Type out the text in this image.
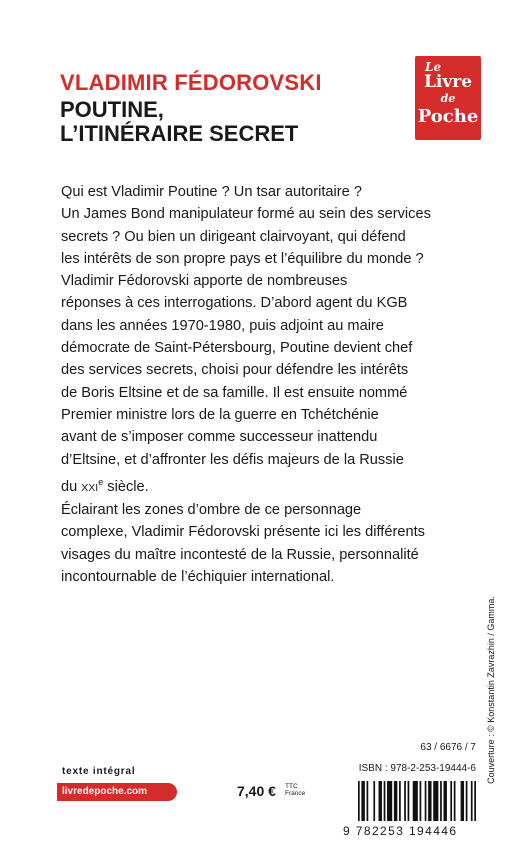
VLADIMIR FÉDOROVSKI
POUTINE,
L’ITINÉRAIRE SECRET
Le
Livre
de
Poche

Qui est Vladimir Poutine ? Un tsar autoritaire ?
Un James Bond manipulateur formé au sein des services
secrets ? Ou bien un dirigeant clairvoyant, qui défend
les intérêts de son propre pays et l’équilibre du monde ?
Vladimir Fédorovski apporte de nombreuses
réponses à ces interrogations. D’abord agent du KGB
dans les années 1970-1980, puis adjoint au maire
démocrate de Saint-Pétersbourg, Poutine devient chef
des services secrets, choisi pour défendre les intérêts
de Boris Eltsine et de sa famille. Il est ensuite nommé
Premier ministre lors de la guerre en Tchétchénie
avant de s’imposer comme successeur inattendu
d’Eltsine, et d’affronter les défis majeurs de la Russie
du XXIe siècle.

Éclairant les zones d’ombre de ce personnage
complexe, Vladimir Fédorovski présente ici les différents
visages du maître incontesté de la Russie, personnalité
incontournable de l’échiquier international.

Couverture : © Konstantin Zavrazhin / Gamma.
63 / 6676 / 7
ISBN : 978-2-253-19444-6
9 782253 194446
texte intégral
livredepoche.com	7,40 € TTC
France
